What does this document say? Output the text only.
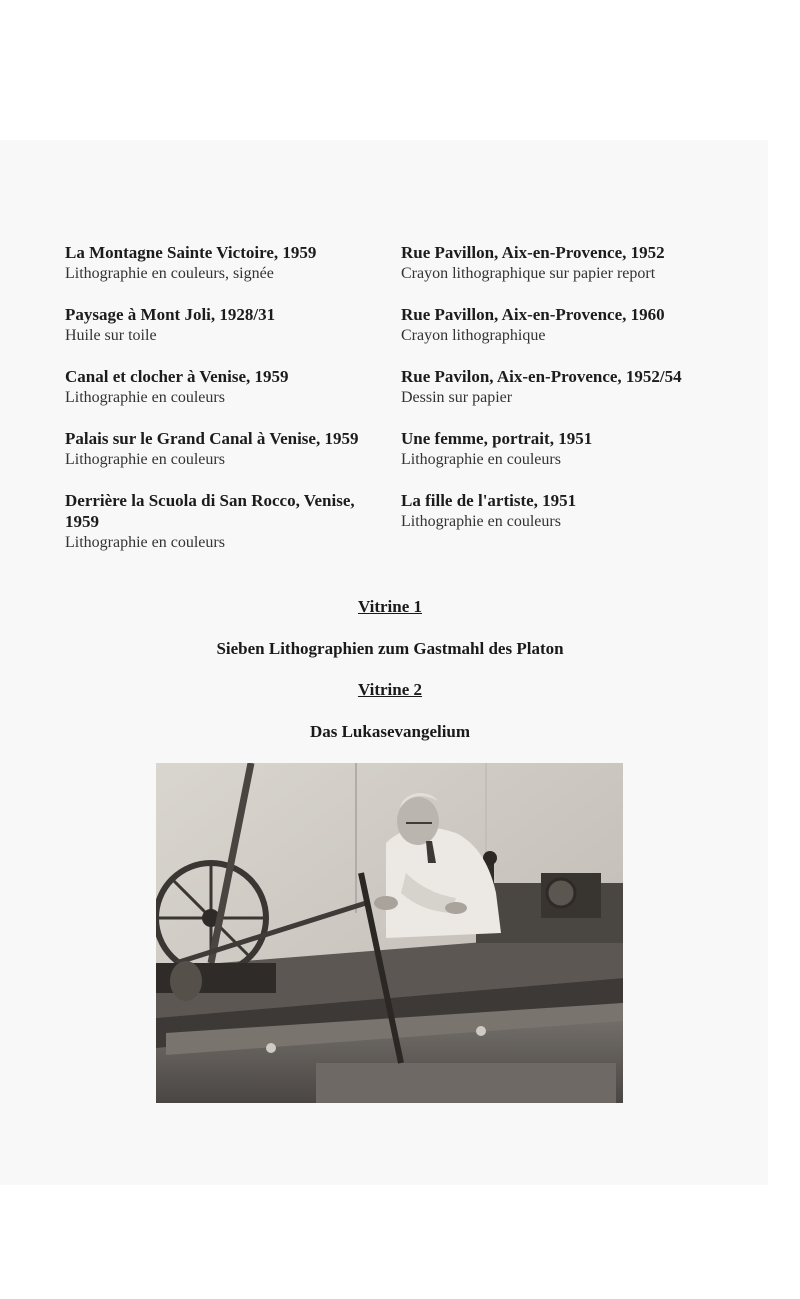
La Montagne Sainte Victoire, 1959
Lithographie en couleurs, signée
Paysage à Mont Joli, 1928/31
Huile sur toile
Canal et clocher à Venise, 1959
Lithographie en couleurs
Palais sur le Grand Canal à Venise, 1959
Lithographie en couleurs
Derrière la Scuola di San Rocco, Venise, 1959
Lithographie en couleurs
Rue Pavillon, Aix-en-Provence, 1952
Crayon lithographique sur papier report
Rue Pavillon, Aix-en-Provence, 1960
Crayon lithographique
Rue Pavilon, Aix-en-Provence, 1952/54
Dessin sur papier
Une femme, portrait, 1951
Lithographie en couleurs
La fille de l'artiste, 1951
Lithographie en couleurs
Vitrine 1
Sieben Lithographien zum Gastmahl des Platon
Vitrine 2
Das Lukasevangelium
